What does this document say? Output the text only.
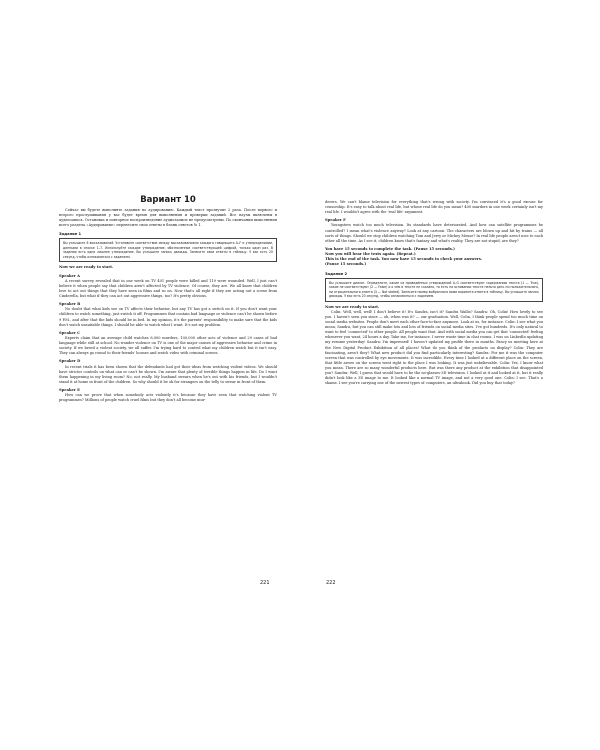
Вариант 10

Сейчас вы будете выполнять задания по аудированию. Каждый текст прозвучит 2 раза. После первого и второго прослушивания у вас будет время для выполнения и проверки заданий. Все паузы включены в аудиозапись. Остановка и повторное воспроизведение аудиозаписи не предусмотрены. По окончании выполнения всего раздела «Аудирование» перенесите свои ответы в бланк ответов № 1.

Задание 1
Вы услышите 6 высказываний. Установите соответствие между высказываниями каждого говорящего A–F и утверждениями, данными в списке 1–7. Используйте каждое утверждение, обозначенное соответствующей цифрой, только один раз. В задании есть одно лишнее утверждение. Вы услышите запись дважды. Занесите свои ответы в таблицу. У вас есть 20 секунд, чтобы ознакомиться с заданием.

Now we are ready to start.

Speaker A

A recent survey revealed that in one week on TV 401 people were killed and 119 were wounded. Well, I just can't believe it when people say that children aren't affected by TV violence. Of course, they are. We all know that children love to act out things that they have seen in films and so on. Now that's all right if they are acting out a scene from Cinderella, but what if they can act out aggressive things, too? It's pretty obvious.

Speaker B

No doubt that what kids see on TV affects their behavior, but any TV has got a switch on it. If you don't want your children to watch something, just switch it off. Programmes that contain bad language or violence can't be shown before 9 P.M., and after that the kids should be in bed. In my opinion, it's the parents' responsibility to make sure that the kids don't watch unsuitable things. I should be able to watch what I want. It's not my problem.

Speaker C

Experts claim that an average child watches 8,000 murders, 100,000 other acts of violence and 29 cases of bad language while still at school. No wonder violence on TV is one of the major causes of aggressive behavior and crime in society. If we breed a violent society, we all suffer. I'm trying hard to control what my children watch but it isn't easy. They can always go round to their friends' houses and watch video with criminal scenes.

Speaker D

In recent trials it has been shown that the defendants had got their ideas from watching violent videos. We should have stricter controls on what can or can't be shown. I'm aware that plenty of terrible things happen in life. Do I want them happening in my living room? No, not really. My husband swears when he's out with his friends, but I wouldn't stand it at home in front of the children. So why should it be ok for strangers on the telly to swear in front of them.

Speaker E

How can we prove that when somebody acts violently it's because they have seen that watching violent TV programmes? Millions of people watch cruel films but they don't all become mur-

221

derers. We can't blame television for everything that's wrong with society. I'm convinced it's a good excuse for censorship. It's easy to talk about real life, but whose real life do you mean? 400 murders in one week certainly isn't my real life. I wouldn't agree with the 'real life' argument.

Speaker F

Youngsters watch too much television. Its standards have deteriorated. And how can satellite programmes be controlled? I mean what's violence anyway? Look at any cartoon. The characters are blown up and hit by trains — all sorts of things. Should we stop children watching Tom and Jerry or Mickey Mouse? In real life people aren't nice to each other all the time. As I see it, children know that's fantasy and what's reality. They are not stupid, are they?

You have 15 seconds to complete the task. (Pause 15 seconds.)

Now you will hear the texts again. (Repeat.)

This is the end of the task. You now have 15 seconds to check your answers.

(Pause 15 seconds.)

Задание 2
Вы услышите диалог. Определите, какие из приведённых утверждений A–G соответствуют содержанию текста (1 — True), какие не соответствуют (2 — False) и о чём в тексте не сказано, то есть на основании текста нельзя дать ни положительного, ни отрицательного ответа (3 — Not stated). Занесите номер выбранного вами варианта ответа в таблицу. Вы услышите запись дважды. У вас есть 20 секунд, чтобы ознакомиться с заданием.

Now we are ready to start.

Colin: Well, well, well! I don't believe it! It's Sandra, isn't it? Sandra Wallis? Sandra: Oh, Colin! How lovely to see you. I haven't seen you since — oh, when was it? — our graduation. Well, Colin, I think people spend too much time on social media websites. People don't meet each other face-to-face anymore. Look at us, for instance. Colin: I see what you mean, Sandra, but you can still make lots and lots of friends on social media sites. I've got hundreds. It's only natural to want to feel 'connected' to other people. All people want that. And with social media you can get that 'connected' feeling whenever you want, 24 hours a day. Take me, for instance. I never waste time in chat rooms. I was on LinkedIn updating my resume yesterday! Sandra: I'm impressed! I haven't updated my profile there in months. Fancy us meeting here at the New Digital Product Exhibition of all places! What do you think of the products on display? Colin: They are fascinating, aren't they? What new product did you find particularly interesting? Sandra: For me it was the computer screen that was controlled by eye movements. It was incredible. Every time I looked at a different place on the screen, that little arrow on the screen went right to the place I was looking. It was just unbelievable. Colin: Yes, I know what you mean. There are so many wonderful products here. But was there any product at the exhibition that disappointed you? Sandra: Well, I guess that would have to be the no-glasses-3D television. I looked at it and looked at it, but it really didn't look like a 3D image to me. It looked like a normal TV image, and not a very good one. Colin: I see. That's a shame. I see you're carrying one of the newest types of computers, an ultrabook. Did you buy that today?

222
